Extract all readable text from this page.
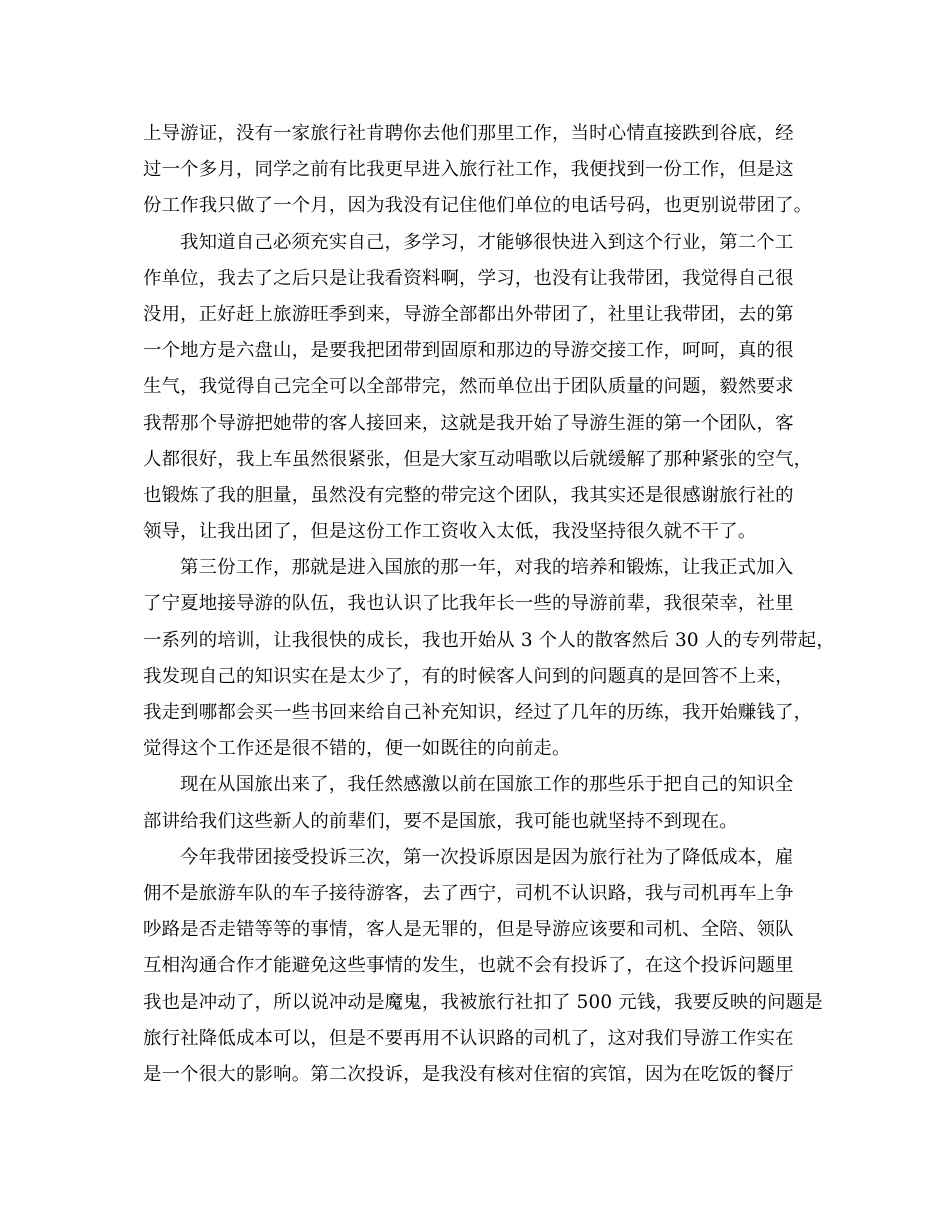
上导游证，没有一家旅行社肯聘你去他们那里工作，当时心情直接跌到谷底，经
过一个多月，同学之前有比我更早进入旅行社工作，我便找到一份工作，但是这
份工作我只做了一个月，因为我没有记住他们单位的电话号码，也更别说带团了。
我知道自己必须充实自己，多学习，才能够很快进入到这个行业，第二个工
作单位，我去了之后只是让我看资料啊，学习，也没有让我带团，我觉得自己很
没用，正好赶上旅游旺季到来，导游全部都出外带团了，社里让我带团，去的第
一个地方是六盘山，是要我把团带到固原和那边的导游交接工作，呵呵，真的很
生气，我觉得自己完全可以全部带完，然而单位出于团队质量的问题，毅然要求
我帮那个导游把她带的客人接回来，这就是我开始了导游生涯的第一个团队，客
人都很好，我上车虽然很紧张，但是大家互动唱歌以后就缓解了那种紧张的空气，
也锻炼了我的胆量，虽然没有完整的带完这个团队，我其实还是很感谢旅行社的
领导，让我出团了，但是这份工作工资收入太低，我没坚持很久就不干了。
第三份工作，那就是进入国旅的那一年，对我的培养和锻炼，让我正式加入
了宁夏地接导游的队伍，我也认识了比我年长一些的导游前辈，我很荣幸，社里
一系列的培训，让我很快的成长，我也开始从 3 个人的散客然后 30 人的专列带起，
我发现自己的知识实在是太少了，有的时候客人问到的问题真的是回答不上来，
我走到哪都会买一些书回来给自己补充知识，经过了几年的历练，我开始赚钱了，
觉得这个工作还是很不错的，便一如既往的向前走。
现在从国旅出来了，我任然感激以前在国旅工作的那些乐于把自己的知识全
部讲给我们这些新人的前辈们，要不是国旅，我可能也就坚持不到现在。
今年我带团接受投诉三次，第一次投诉原因是因为旅行社为了降低成本，雇
佣不是旅游车队的车子接待游客，去了西宁，司机不认识路，我与司机再车上争
吵路是否走错等等的事情，客人是无罪的，但是导游应该要和司机、全陪、领队
互相沟通合作才能避免这些事情的发生，也就不会有投诉了，在这个投诉问题里
我也是冲动了，所以说冲动是魔鬼，我被旅行社扣了 500 元钱，我要反映的问题是
旅行社降低成本可以，但是不要再用不认识路的司机了，这对我们导游工作实在
是一个很大的影响。第二次投诉，是我没有核对住宿的宾馆，因为在吃饭的餐厅
